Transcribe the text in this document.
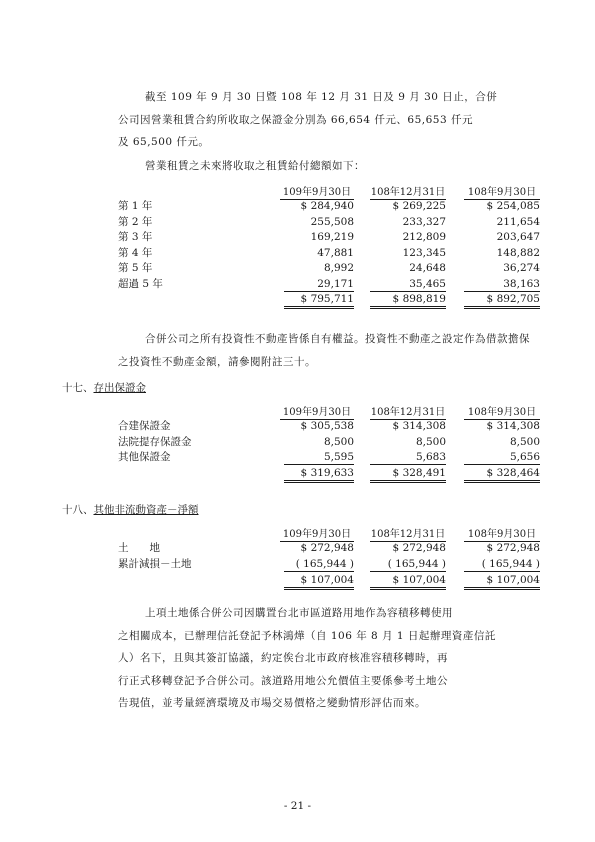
截至 109 年 9 月 30 日暨 108 年 12 月 31 日及 9 月 30 日止，合併
公司因營業租賃合約所收取之保證金分別為 66,654 仟元、65,653 仟元
及 65,500 仟元。
營業租賃之未來將收取之租賃給付總額如下：
109年9月30日 108年12月31日	108年9月30日
第 1 年	$ 284,940	$ 269,225	$ 254,085
第 2 年	255,508	233,327	211,654
第 3 年	169,219	212,809	203,647
第 4 年	47,881	123,345	148,882
第 5 年	8,992	24,648	36,274
超過 5 年	29,171	35,465	38,163
$ 795,711	$ 898,819	$ 892,705
合併公司之所有投資性不動產皆係自有權益。投資性不動產之設定作為借款擔保
之投資性不動產金額，請參閱附註三十。
十七、存出保證金
109年9月30日 108年12月31日	108年9月30日
合建保證金	$ 305,538	$ 314,308	$ 314,308
法院提存保證金	8,500	8,500	8,500
其他保證金	5,595	5,683	5,656
$ 319,633	$ 328,491	$ 328,464
十八、其他非流動資產－淨額
109年9月30日 108年12月31日	108年9月30日
土　　地	$ 272,948	$ 272,948	$ 272,948
累計減損－土地	( 165,944 )	( 165,944 )	( 165,944 )
$ 107,004	$ 107,004	$ 107,004
上項土地係合併公司因購置台北市區道路用地作為容積移轉使用
之相關成本，已辦理信託登記予林鴻燁（自 106 年 8 月 1 日起辦理資產信託
人）名下，且與其簽訂協議，約定俟台北市政府核准容積移轉時，再
行正式移轉登記予合併公司。該道路用地公允價值主要係參考土地公
告現值，並考量經濟環境及市場交易價格之變動情形評估而來。
- 21 -
